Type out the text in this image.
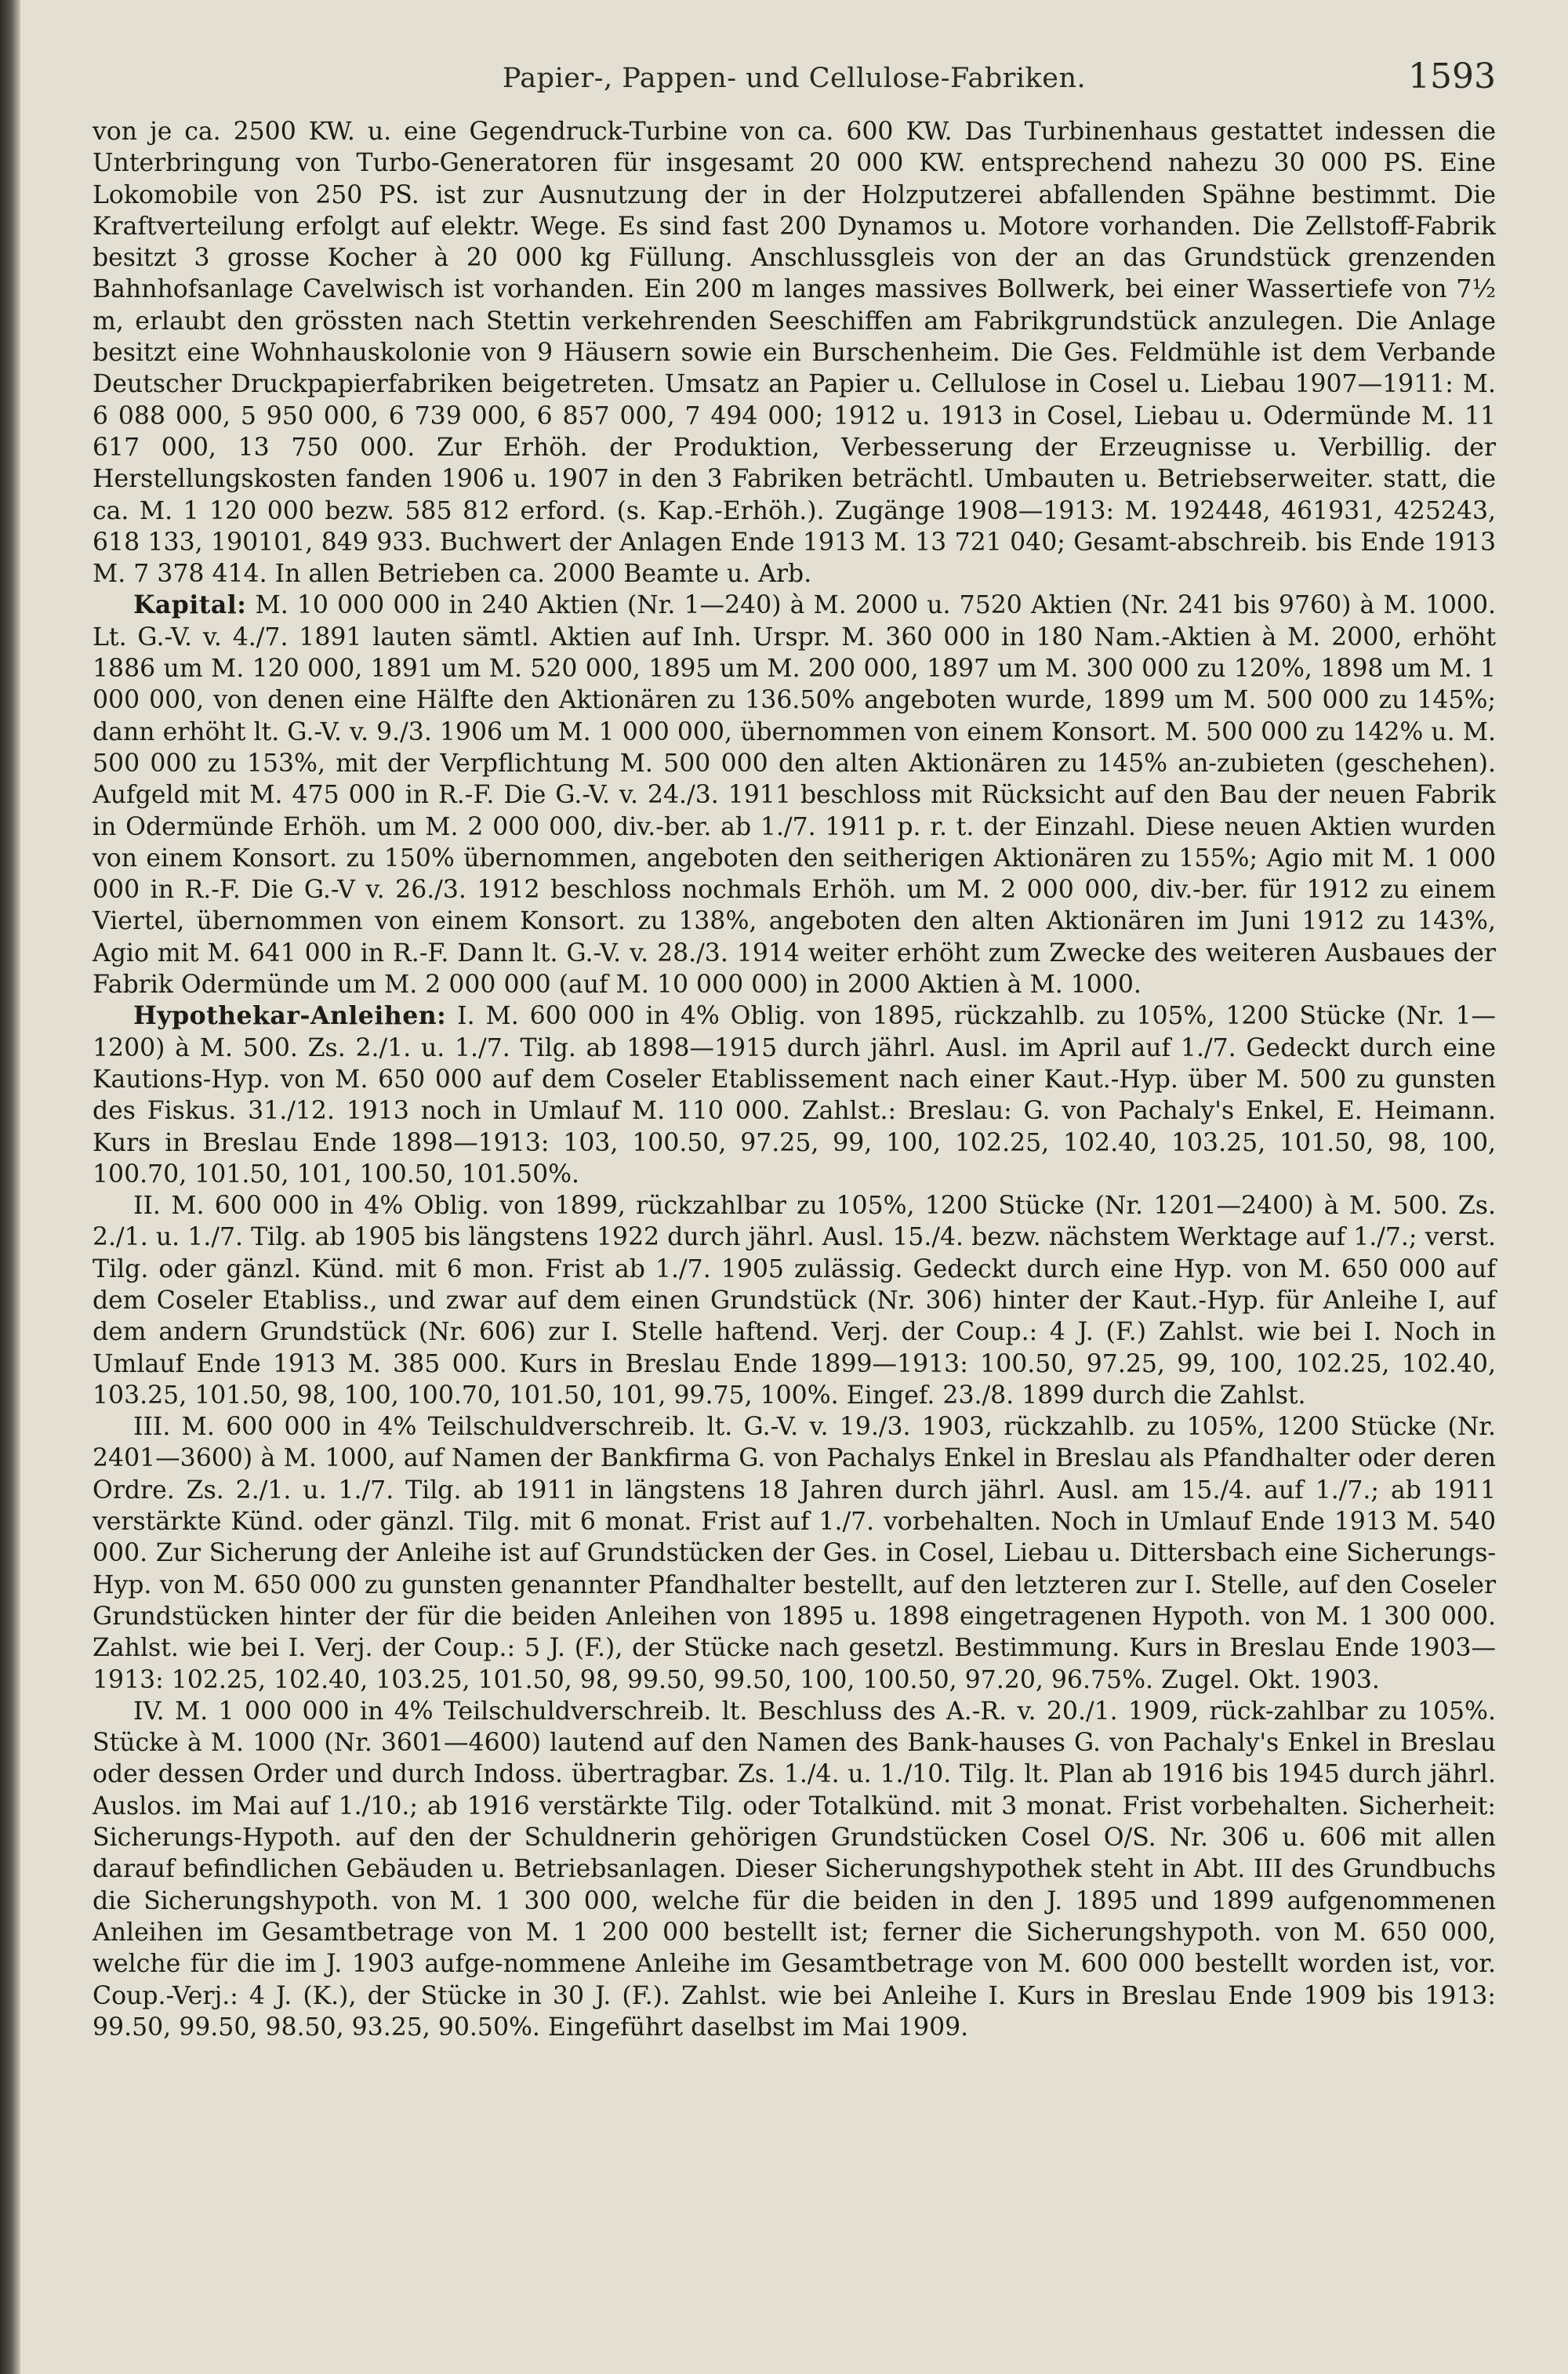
Papier-, Pappen- und Cellulose-Fabriken.	1593

von je ca. 2500 KW. u. eine Gegendruck-Turbine von ca. 600 KW. Das Turbinenhaus gestattet indessen die Unterbringung von Turbo-Generatoren für insgesamt 20 000 KW. entsprechend nahezu 30 000 PS. Eine Lokomobile von 250 PS. ist zur Ausnutzung der in der Holzputzerei abfallenden Spähne bestimmt. Die Kraftverteilung erfolgt auf elektr. Wege. Es sind fast 200 Dynamos u. Motore vorhanden. Die Zellstoff-Fabrik besitzt 3 grosse Kocher à 20 000 kg Füllung. Anschlussgleis von der an das Grundstück grenzenden Bahnhofsanlage Cavelwisch ist vorhanden. Ein 200 m langes massives Bollwerk, bei einer Wassertiefe von 7½ m, erlaubt den grössten nach Stettin verkehrenden Seeschiffen am Fabrikgrundstück anzulegen. Die Anlage besitzt eine Wohnhauskolonie von 9 Häusern sowie ein Burschenheim. Die Ges. Feldmühle ist dem Verbande Deutscher Druckpapierfabriken beigetreten. Umsatz an Papier u. Cellulose in Cosel u. Liebau 1907—1911: M. 6 088 000, 5 950 000, 6 739 000, 6 857 000, 7 494 000; 1912 u. 1913 in Cosel, Liebau u. Odermünde M. 11 617 000, 13 750 000. Zur Erhöh. der Produktion, Verbesserung der Erzeugnisse u. Verbillig. der Herstellungskosten fanden 1906 u. 1907 in den 3 Fabriken beträchtl. Umbauten u. Betriebserweiter. statt, die ca. M. 1 120 000 bezw. 585 812 erford. (s. Kap.-Erhöh.). Zugänge 1908—1913: M. 192448, 461931, 425243, 618 133, 190101, 849 933. Buchwert der Anlagen Ende 1913 M. 13 721 040; Gesamt-abschreib. bis Ende 1913 M. 7 378 414. In allen Betrieben ca. 2000 Beamte u. Arb.

Kapital: M. 10 000 000 in 240 Aktien (Nr. 1—240) à M. 2000 u. 7520 Aktien (Nr. 241 bis 9760) à M. 1000. Lt. G.-V. v. 4./7. 1891 lauten sämtl. Aktien auf Inh. Urspr. M. 360 000 in 180 Nam.-Aktien à M. 2000, erhöht 1886 um M. 120 000, 1891 um M. 520 000, 1895 um M. 200 000, 1897 um M. 300 000 zu 120%, 1898 um M. 1 000 000, von denen eine Hälfte den Aktionären zu 136.50% angeboten wurde, 1899 um M. 500 000 zu 145%; dann erhöht lt. G.-V. v. 9./3. 1906 um M. 1 000 000, übernommen von einem Konsort. M. 500 000 zu 142% u. M. 500 000 zu 153%, mit der Verpflichtung M. 500 000 den alten Aktionären zu 145% an-zubieten (geschehen). Aufgeld mit M. 475 000 in R.-F. Die G.-V. v. 24./3. 1911 beschloss mit Rücksicht auf den Bau der neuen Fabrik in Odermünde Erhöh. um M. 2 000 000, div.-ber. ab 1./7. 1911 p. r. t. der Einzahl. Diese neuen Aktien wurden von einem Konsort. zu 150% übernommen, angeboten den seitherigen Aktionären zu 155%; Agio mit M. 1 000 000 in R.-F. Die G.-V v. 26./3. 1912 beschloss nochmals Erhöh. um M. 2 000 000, div.-ber. für 1912 zu einem Viertel, übernommen von einem Konsort. zu 138%, angeboten den alten Aktionären im Juni 1912 zu 143%, Agio mit M. 641 000 in R.-F. Dann lt. G.-V. v. 28./3. 1914 weiter erhöht zum Zwecke des weiteren Ausbaues der Fabrik Odermünde um M. 2 000 000 (auf M. 10 000 000) in 2000 Aktien à M. 1000.

Hypothekar-Anleihen: I. M. 600 000 in 4% Oblig. von 1895, rückzahlb. zu 105%, 1200 Stücke (Nr. 1—1200) à M. 500. Zs. 2./1. u. 1./7. Tilg. ab 1898—1915 durch jährl. Ausl. im April auf 1./7. Gedeckt durch eine Kautions-Hyp. von M. 650 000 auf dem Coseler Etablissement nach einer Kaut.-Hyp. über M. 500 zu gunsten des Fiskus. 31./12. 1913 noch in Umlauf M. 110 000. Zahlst.: Breslau: G. von Pachaly's Enkel, E. Heimann. Kurs in Breslau Ende 1898—1913: 103, 100.50, 97.25, 99, 100, 102.25, 102.40, 103.25, 101.50, 98, 100, 100.70, 101.50, 101, 100.50, 101.50%.

II. M. 600 000 in 4% Oblig. von 1899, rückzahlbar zu 105%, 1200 Stücke (Nr. 1201—2400) à M. 500. Zs. 2./1. u. 1./7. Tilg. ab 1905 bis längstens 1922 durch jährl. Ausl. 15./4. bezw. nächstem Werktage auf 1./7.; verst. Tilg. oder gänzl. Künd. mit 6 mon. Frist ab 1./7. 1905 zulässig. Gedeckt durch eine Hyp. von M. 650 000 auf dem Coseler Etabliss., und zwar auf dem einen Grundstück (Nr. 306) hinter der Kaut.-Hyp. für Anleihe I, auf dem andern Grundstück (Nr. 606) zur I. Stelle haftend. Verj. der Coup.: 4 J. (F.) Zahlst. wie bei I. Noch in Umlauf Ende 1913 M. 385 000. Kurs in Breslau Ende 1899—1913: 100.50, 97.25, 99, 100, 102.25, 102.40, 103.25, 101.50, 98, 100, 100.70, 101.50, 101, 99.75, 100%. Eingef. 23./8. 1899 durch die Zahlst.

III. M. 600 000 in 4% Teilschuldverschreib. lt. G.-V. v. 19./3. 1903, rückzahlb. zu 105%, 1200 Stücke (Nr. 2401—3600) à M. 1000, auf Namen der Bankfirma G. von Pachalys Enkel in Breslau als Pfandhalter oder deren Ordre. Zs. 2./1. u. 1./7. Tilg. ab 1911 in längstens 18 Jahren durch jährl. Ausl. am 15./4. auf 1./7.; ab 1911 verstärkte Künd. oder gänzl. Tilg. mit 6 monat. Frist auf 1./7. vorbehalten. Noch in Umlauf Ende 1913 M. 540 000. Zur Sicherung der Anleihe ist auf Grundstücken der Ges. in Cosel, Liebau u. Dittersbach eine Sicherungs-Hyp. von M. 650 000 zu gunsten genannter Pfandhalter bestellt, auf den letzteren zur I. Stelle, auf den Coseler Grundstücken hinter der für die beiden Anleihen von 1895 u. 1898 eingetragenen Hypoth. von M. 1 300 000. Zahlst. wie bei I. Verj. der Coup.: 5 J. (F.), der Stücke nach gesetzl. Bestimmung. Kurs in Breslau Ende 1903—1913: 102.25, 102.40, 103.25, 101.50, 98, 99.50, 99.50, 100, 100.50, 97.20, 96.75%. Zugel. Okt. 1903.

IV. M. 1 000 000 in 4% Teilschuldverschreib. lt. Beschluss des A.-R. v. 20./1. 1909, rück-zahlbar zu 105%. Stücke à M. 1000 (Nr. 3601—4600) lautend auf den Namen des Bank-hauses G. von Pachaly's Enkel in Breslau oder dessen Order und durch Indoss. übertragbar. Zs. 1./4. u. 1./10. Tilg. lt. Plan ab 1916 bis 1945 durch jährl. Auslos. im Mai auf 1./10.; ab 1916 verstärkte Tilg. oder Totalkünd. mit 3 monat. Frist vorbehalten. Sicherheit: Sicherungs-Hypoth. auf den der Schuldnerin gehörigen Grundstücken Cosel O/S. Nr. 306 u. 606 mit allen darauf befindlichen Gebäuden u. Betriebsanlagen. Dieser Sicherungshypothek steht in Abt. III des Grundbuchs die Sicherungshypoth. von M. 1 300 000, welche für die beiden in den J. 1895 und 1899 aufgenommenen Anleihen im Gesamtbetrage von M. 1 200 000 bestellt ist; ferner die Sicherungshypoth. von M. 650 000, welche für die im J. 1903 aufge-nommene Anleihe im Gesamtbetrage von M. 600 000 bestellt worden ist, vor. Coup.-Verj.: 4 J. (K.), der Stücke in 30 J. (F.). Zahlst. wie bei Anleihe I. Kurs in Breslau Ende 1909 bis 1913: 99.50, 99.50, 98.50, 93.25, 90.50%. Eingeführt daselbst im Mai 1909.
